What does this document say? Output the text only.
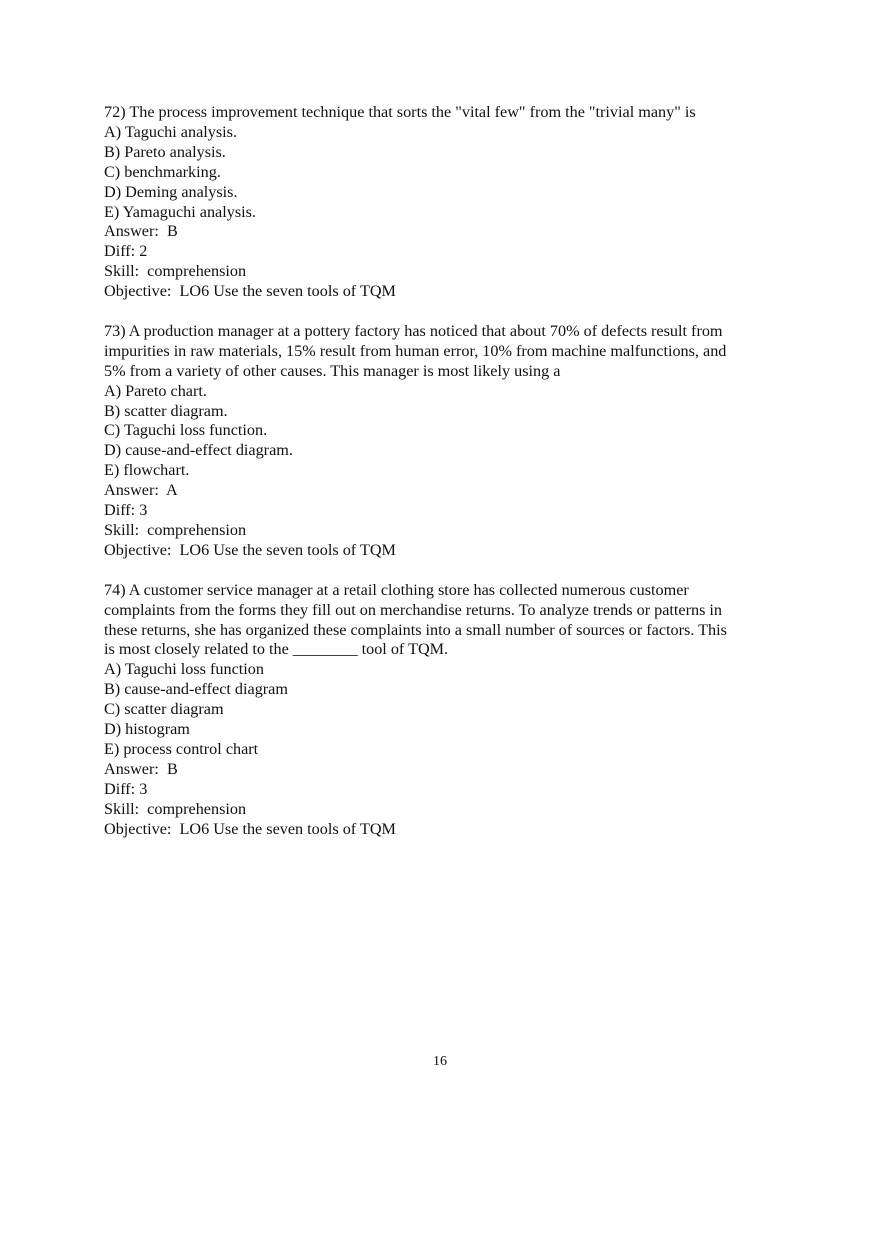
72) The process improvement technique that sorts the "vital few" from the "trivial many" is
A) Taguchi analysis.
B) Pareto analysis.
C) benchmarking.
D) Deming analysis.
E) Yamaguchi analysis.
Answer:  B
Diff: 2
Skill:  comprehension
Objective:  LO6 Use the seven tools of TQM
73) A production manager at a pottery factory has noticed that about 70% of defects result from
impurities in raw materials, 15% result from human error, 10% from machine malfunctions, and
5% from a variety of other causes. This manager is most likely using a
A) Pareto chart.
B) scatter diagram.
C) Taguchi loss function.
D) cause-and-effect diagram.
E) flowchart.
Answer:  A
Diff: 3
Skill:  comprehension
Objective:  LO6 Use the seven tools of TQM
74) A customer service manager at a retail clothing store has collected numerous customer
complaints from the forms they fill out on merchandise returns. To analyze trends or patterns in
these returns, she has organized these complaints into a small number of sources or factors. This
is most closely related to the ________ tool of TQM.
A) Taguchi loss function
B) cause-and-effect diagram
C) scatter diagram
D) histogram
E) process control chart
Answer:  B
Diff: 3
Skill:  comprehension
Objective:  LO6 Use the seven tools of TQM
16
